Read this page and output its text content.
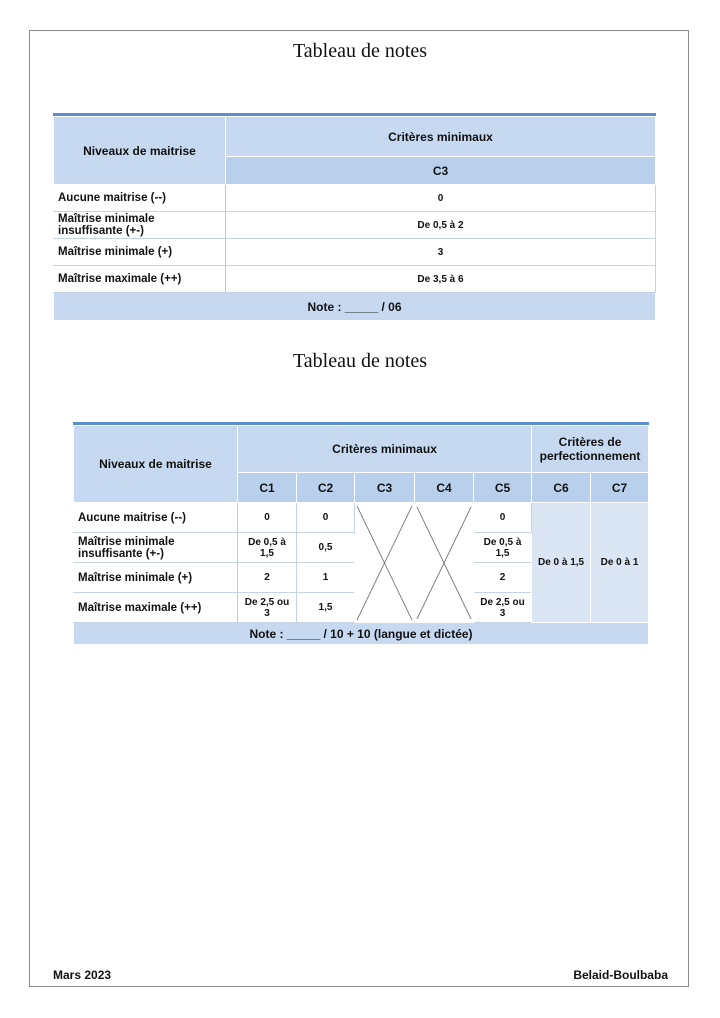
Tableau de notes
Niveaux de maitrise	Critères minimaux
	C3
Aucune maitrise (--)	0
Maîtrise minimale insuffisante (+-)	De 0,5 à 2
Maîtrise minimale (+)	3
Maîtrise maximale (++)	De 3,5 à 6
Note : _____ / 06	
Tableau de notes
Niveaux de maitrise	Critères minimaux					Critères de perfectionnement	
	C1	C2	C3	C4	C5	C6	C7
Aucune maitrise (--)	0	0			0	De 0 à 1,5	De 0 à 1
Maîtrise minimale insuffisante (+-)	De 0,5 à 1,5	0,5			De 0,5 à 1,5		
Maîtrise minimale (+)	2	1			2		
Maîtrise maximale (++)	De 2,5 ou 3	1,5			De 2,5 ou 3		
Note : _____ / 10 + 10 (langue et dictée)							
Mars 2023	Belaid-Boulbaba
